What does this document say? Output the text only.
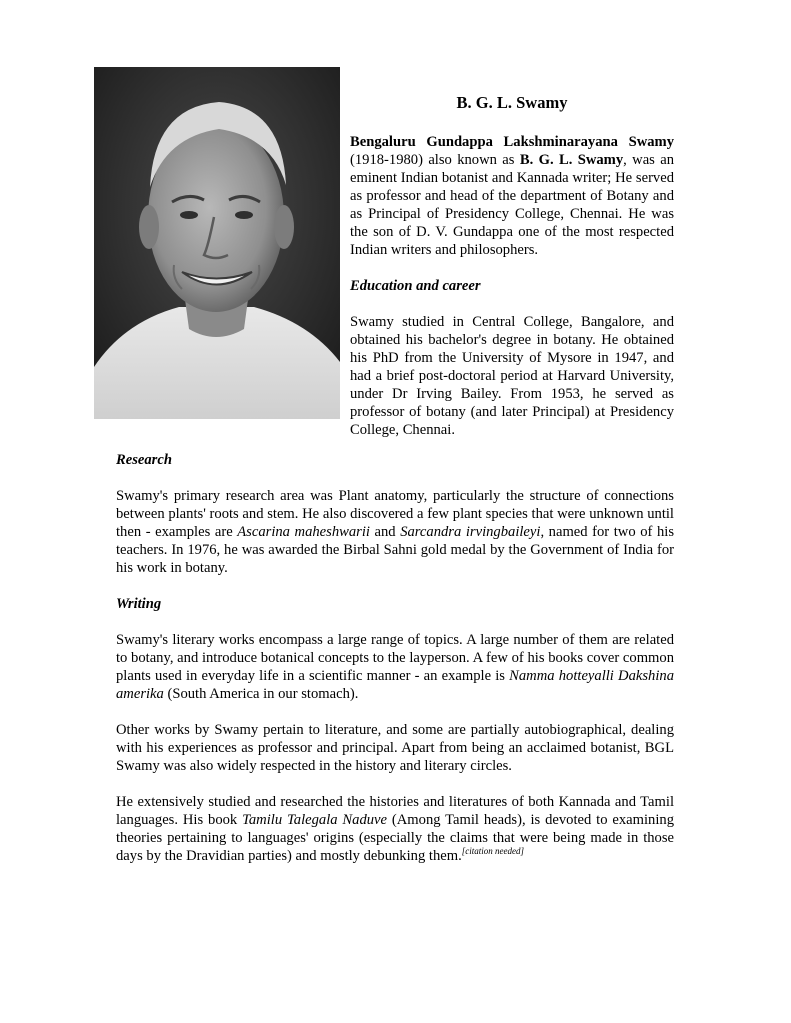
B. G. L. Swamy

Bengaluru Gundappa Lakshminarayana Swamy (1918-1980) also known as B. G. L. Swamy, was an eminent Indian botanist and Kannada writer; He served as professor and head of the department of Botany and as Principal of Presidency College, Chennai. He was the son of D. V. Gundappa one of the most respected Indian writers and philosophers.

Education and career

Swamy studied in Central College, Bangalore, and obtained his bachelor's degree in botany. He obtained his PhD from the University of Mysore in 1947, and had a brief post-doctoral period at Harvard University, under Dr Irving Bailey. From 1953, he served as professor of botany (and later Principal) at Presidency College, Chennai.

Research

Swamy's primary research area was Plant anatomy, particularly the structure of connections between plants' roots and stem. He also discovered a few plant species that were unknown until then - examples are Ascarina maheshwarii and Sarcandra irvingbaileyi, named for two of his teachers. In 1976, he was awarded the Birbal Sahni gold medal by the Government of India for his work in botany.

Writing

Swamy's literary works encompass a large range of topics. A large number of them are related to botany, and introduce botanical concepts to the layperson. A few of his books cover common plants used in everyday life in a scientific manner - an example is Namma hotteyalli Dakshina amerika (South America in our stomach).

Other works by Swamy pertain to literature, and some are partially autobiographical, dealing with his experiences as professor and principal. Apart from being an acclaimed botanist, BGL Swamy was also widely respected in the history and literary circles.

He extensively studied and researched the histories and literatures of both Kannada and Tamil languages. His book Tamilu Talegala Naduve (Among Tamil heads), is devoted to examining theories pertaining to languages' origins (especially the claims that were being made in those days by the Dravidian parties) and mostly debunking them.[citation needed]
